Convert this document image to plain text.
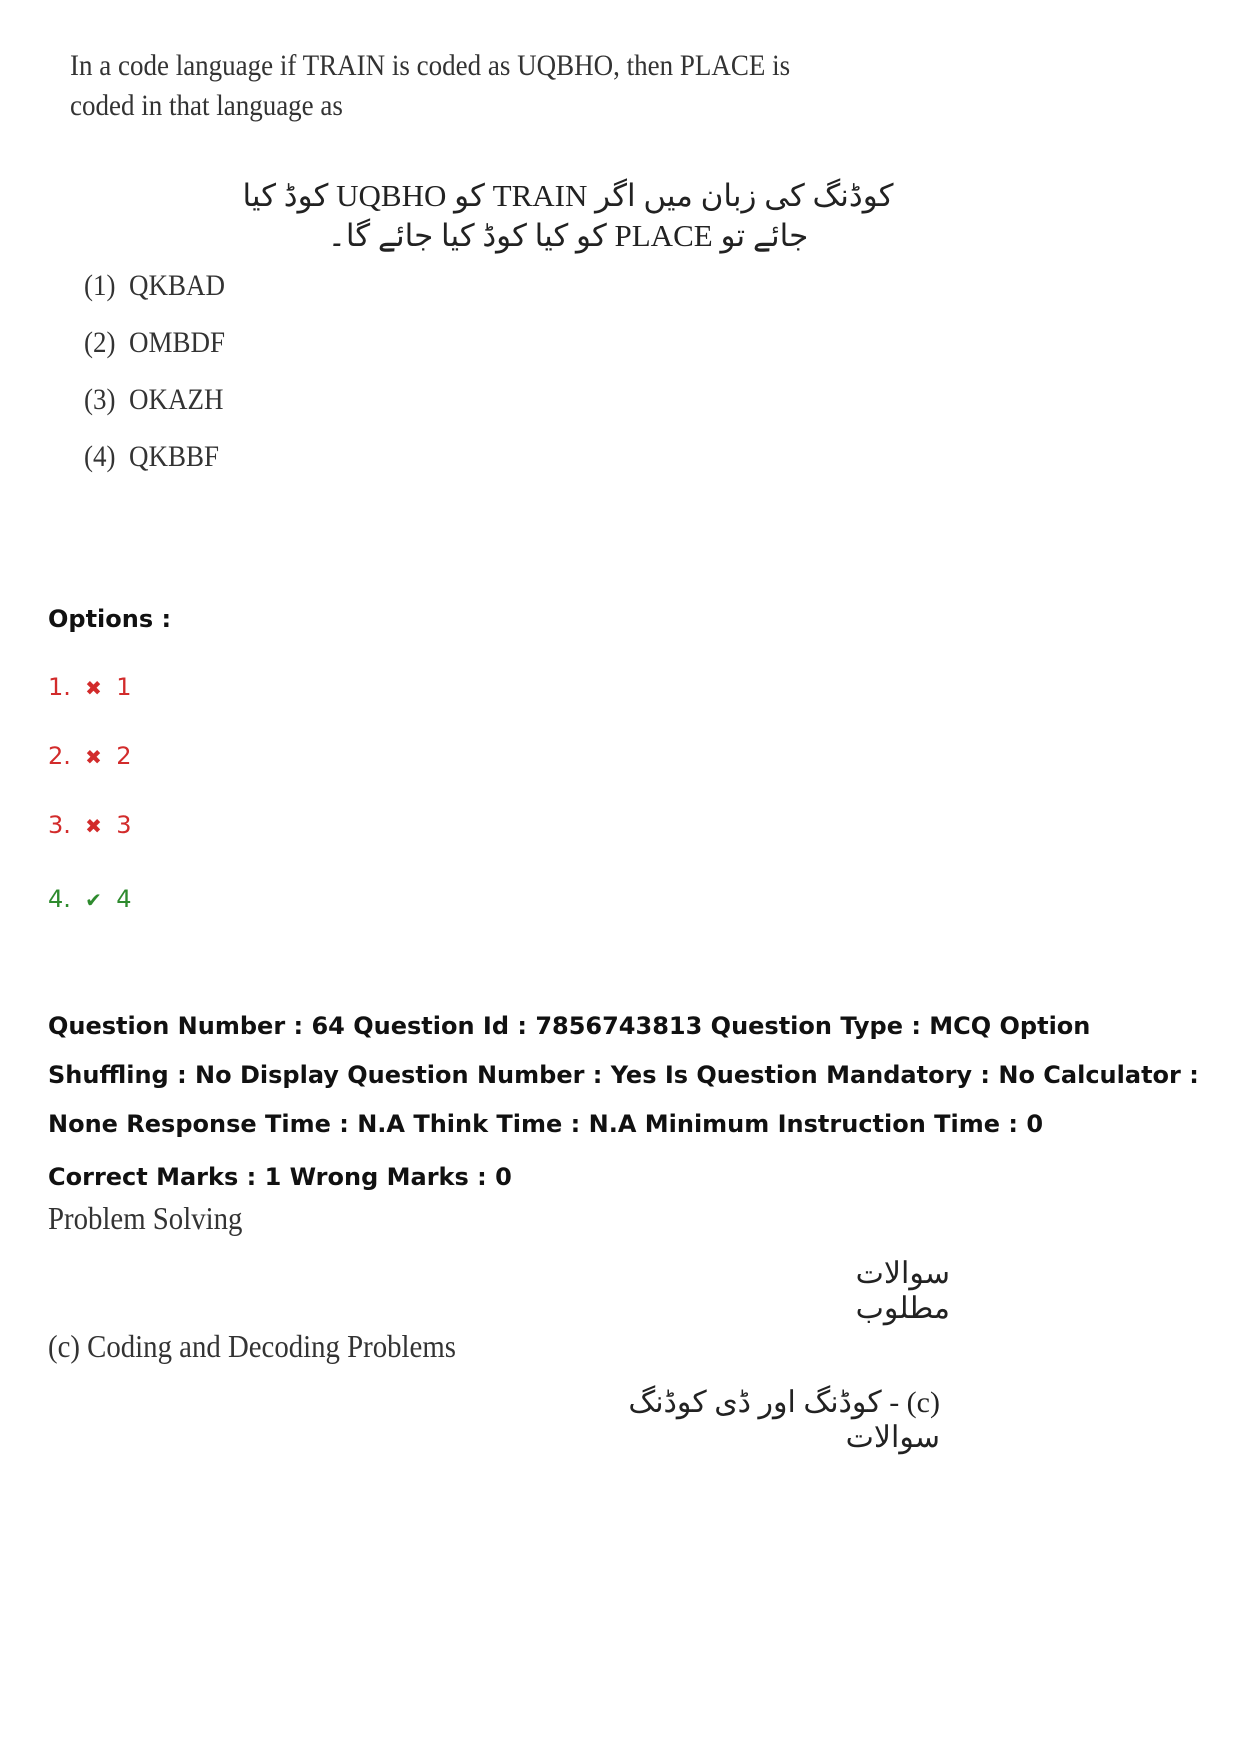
In a code language if TRAIN is coded as UQBHO, then PLACE is coded in that language as
کوڈنگ کی زبان میں اگر TRAIN کو UQBHO کوڈ کیا جائے تو PLACE کو کیا کوڈ کیا جائے گا۔
(1) QKBAD
(2) OMBDF
(3) OKAZH
(4) QKBBF
Options :
1. ✖ 1
2. ✖ 2
3. ✖ 3
4. ✔ 4
Question Number : 64 Question Id : 7856743813 Question Type : MCQ Option Shuffling : No Display Question Number : Yes Is Question Mandatory : No Calculator : None Response Time : N.A Think Time : N.A Minimum Instruction Time : 0
Correct Marks : 1 Wrong Marks : 0
Problem Solving
سوالات مطلوب
(c) Coding and Decoding Problems
(c) - کوڈنگ اور ڈی کوڈنگ سوالات
